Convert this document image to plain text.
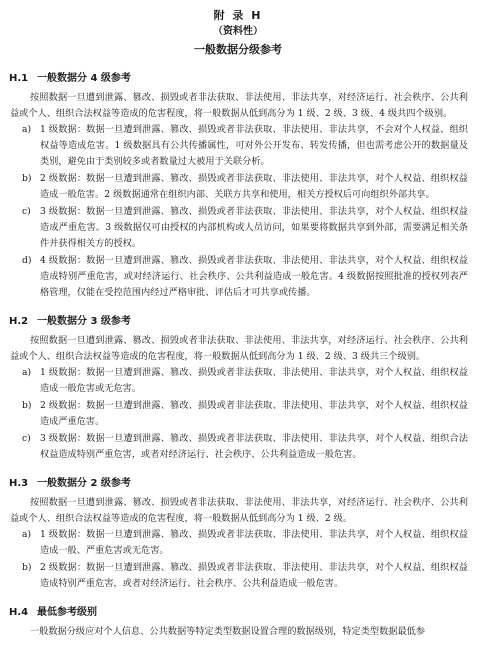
附 录 H
（资料性）
一般数据分级参考
H.1 一般数据分 4 级参考

按照数据一旦遭到泄露、篡改、损毁或者非法获取、非法使用、非法共享，对经济运行、社会秩序、公共利益或个人、组织合法权益等造成的危害程度，将一般数据从低到高分为 1 级、2 级、3 级、4 级共四个级别。

a) 1 级数据：数据一旦遭到泄露、篡改、损毁或者非法获取、非法使用、非法共享，不会对个人权益、组织权益等造成危害。1 级数据具有公共传播属性，可对外公开发布、转发传播，但也需考虑公开的数据量及类别，避免由于类别较多或者数量过大被用于关联分析。
b) 2 级数据：数据一旦遭到泄露、篡改、损毁或者非法获取、非法使用、非法共享，对个人权益、组织权益造成一般危害。2 级数据通常在组织内部、关联方共享和使用，相关方授权后可向组织外部共享。
c) 3 级数据：数据一旦遭到泄露、篡改、损毁或者非法获取、非法使用、非法共享，对个人权益、组织权益造成严重危害。3 级数据仅可由授权的内部机构或人员访问，如果要将数据共享到外部，需要满足相关条件并获得相关方的授权。
d) 4 级数据：数据一旦遭到泄露、篡改、损毁或者非法获取、非法使用、非法共享，对个人权益、组织权益造成特别严重危害，或对经济运行、社会秩序、公共利益造成一般危害。4 级数据按照批准的授权列表严格管理，仅能在受控范围内经过严格审批、评估后才可共享或传播。
H.2 一般数据分 3 级参考

按照数据一旦遭到泄露、篡改、损毁或者非法获取、非法使用、非法共享，对经济运行、社会秩序、公共利益或个人、组织合法权益等造成的危害程度，将一般数据从低到高分为 1 级、2 级、3 级共三个级别。

a) 1 级数据：数据一旦遭到泄露、篡改、损毁或者非法获取、非法使用、非法共享，对个人权益、组织权益造成一般危害或无危害。
b) 2 级数据：数据一旦遭到泄露、篡改、损毁或者非法获取、非法使用、非法共享，对个人权益、组织权益造成严重危害。
c) 3 级数据：数据一旦遭到泄露、篡改、损毁或者非法获取、非法使用、非法共享，对个人权益、组织合法权益造成特别严重危害，或者对经济运行、社会秩序、公共利益造成一般危害。
H.3 一般数据分 2 级参考

按照数据一旦遭到泄露、篡改、损毁或者非法获取、非法使用、非法共享，对经济运行、社会秩序、公共利益或个人、组织合法权益等造成的危害程度，将一般数据从低到高分为 1 级、2 级。

a) 1 级数据：数据一旦遭到泄露、篡改、损毁或者非法获取、非法使用、非法共享，对个人权益、组织权益造成一般、严重危害或无危害。
b) 2 级数据：数据一旦遭到泄露、篡改、损毁或者非法获取、非法使用、非法共享，对个人权益、组织权益造成特别严重危害，或者对经济运行、社会秩序、公共利益造成一般危害。
H.4 最低参考级别

一般数据分级应对个人信息、公共数据等特定类型数据设置合理的数据级别，特定类型数据最低参
